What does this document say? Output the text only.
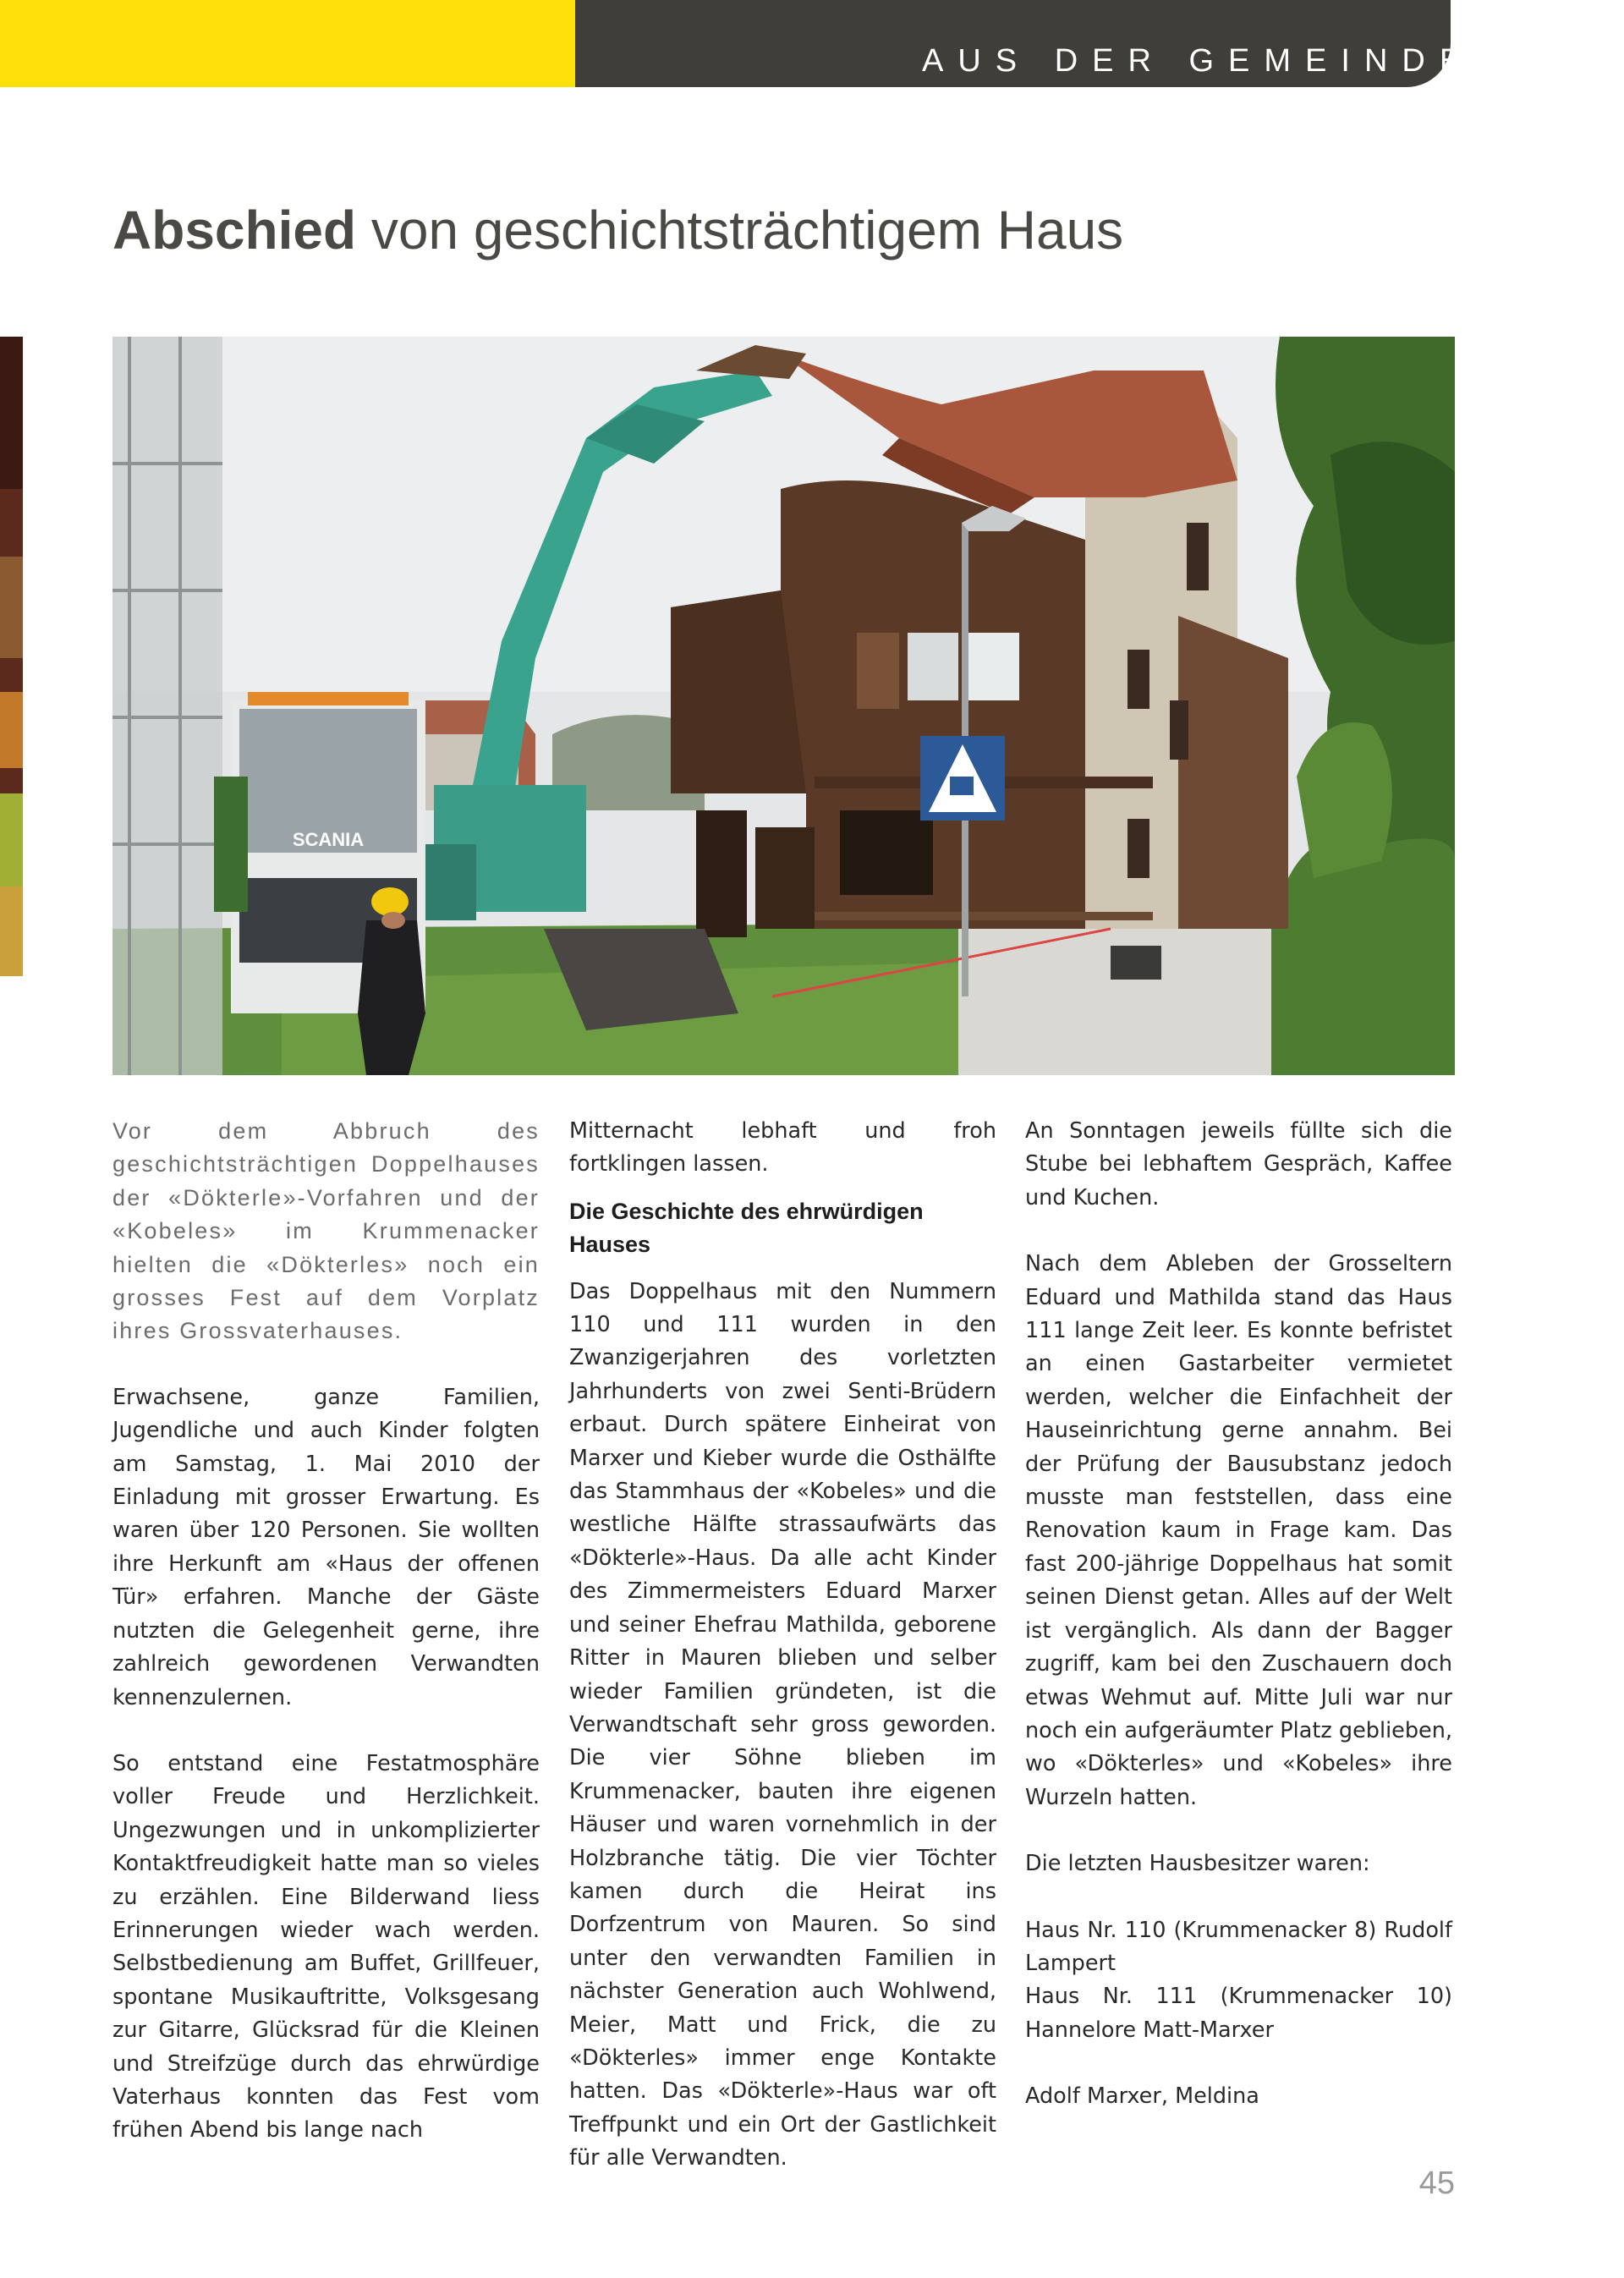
AUS DER GEMEINDE
Abschied von geschichtsträchtigem Haus
SCANIA

Vor dem Abbruch des geschichtsträchtigen Doppelhauses der «Dökterle»-Vorfahren und der «Kobeles» im Krummenacker hielten die «Dökterles» noch ein grosses Fest auf dem Vorplatz ihres Grossvaterhauses.

Erwachsene, ganze Familien, Jugendliche und auch Kinder folgten am Samstag, 1. Mai 2010 der Einladung mit grosser Erwartung. Es waren über 120 Personen. Sie wollten ihre Herkunft am «Haus der offenen Tür» erfahren. Manche der Gäste nutzten die Gelegenheit gerne, ihre zahlreich gewordenen Verwandten kennenzulernen.

So entstand eine Festatmosphäre voller Freude und Herzlichkeit. Ungezwungen und in unkomplizierter Kontaktfreudigkeit hatte man so vieles zu erzählen. Eine Bilderwand liess Erinnerungen wieder wach werden. Selbstbedienung am Buffet, Grillfeuer, spontane Musikauftritte, Volksgesang zur Gitarre, Glücksrad für die Kleinen und Streifzüge durch das ehrwürdige Vaterhaus konnten das Fest vom frühen Abend bis lange nach

Mitternacht lebhaft und froh fortklingen lassen.

Die Geschichte des ehrwürdigen Hauses

Das Doppelhaus mit den Nummern 110 und 111 wurden in den Zwanzigerjahren des vorletzten Jahrhunderts von zwei Senti-Brüdern erbaut. Durch spätere Einheirat von Marxer und Kieber wurde die Osthälfte das Stammhaus der «Kobeles» und die westliche Hälfte strassaufwärts das «Dökterle»-Haus. Da alle acht Kinder des Zimmermeisters Eduard Marxer und seiner Ehefrau Mathilda, geborene Ritter in Mauren blieben und selber wieder Familien gründeten, ist die Verwandtschaft sehr gross geworden. Die vier Söhne blieben im Krummenacker, bauten ihre eigenen Häuser und waren vornehmlich in der Holzbranche tätig. Die vier Töchter kamen durch die Heirat ins Dorfzentrum von Mauren. So sind unter den verwandten Familien in nächster Generation auch Wohlwend, Meier, Matt und Frick, die zu «Dökterles» immer enge Kontakte hatten. Das «Dökterle»-Haus war oft Treffpunkt und ein Ort der Gastlichkeit für alle Verwandten.

An Sonntagen jeweils füllte sich die Stube bei lebhaftem Gespräch, Kaffee und Kuchen.

Nach dem Ableben der Grosseltern Eduard und Mathilda stand das Haus 111 lange Zeit leer. Es konnte befristet an einen Gastarbeiter vermietet werden, welcher die Einfachheit der Hauseinrichtung gerne annahm. Bei der Prüfung der Bausubstanz jedoch musste man feststellen, dass eine Renovation kaum in Frage kam. Das fast 200-jährige Doppelhaus hat somit seinen Dienst getan. Alles auf der Welt ist vergänglich. Als dann der Bagger zugriff, kam bei den Zuschauern doch etwas Wehmut auf. Mitte Juli war nur noch ein aufgeräumter Platz geblieben, wo «Dökterles» und «Kobeles» ihre Wurzeln hatten.

Die letzten Hausbesitzer waren:

Haus Nr. 110 (Krummenacker 8) Rudolf Lampert
Haus Nr. 111 (Krummenacker 10) Hannelore Matt-Marxer

Adolf Marxer, Meldina

45
